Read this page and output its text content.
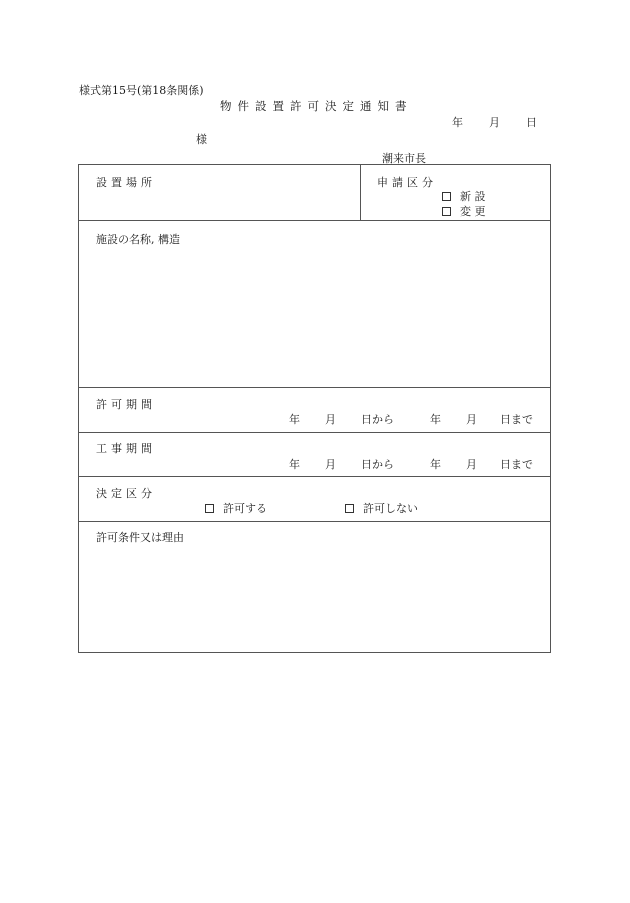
様式第15号(第18条関係)
物件設置許可決定通知書
年 月 日
様
潮来市長
設置場所	申請区分
新 設
変 更
施設の名称, 構造
許可期間
年 月 日から	年 月 日まで
工事期間
年 月 日から	年 月 日まで
決定区分
許可する	許可しない
許可条件又は理由
